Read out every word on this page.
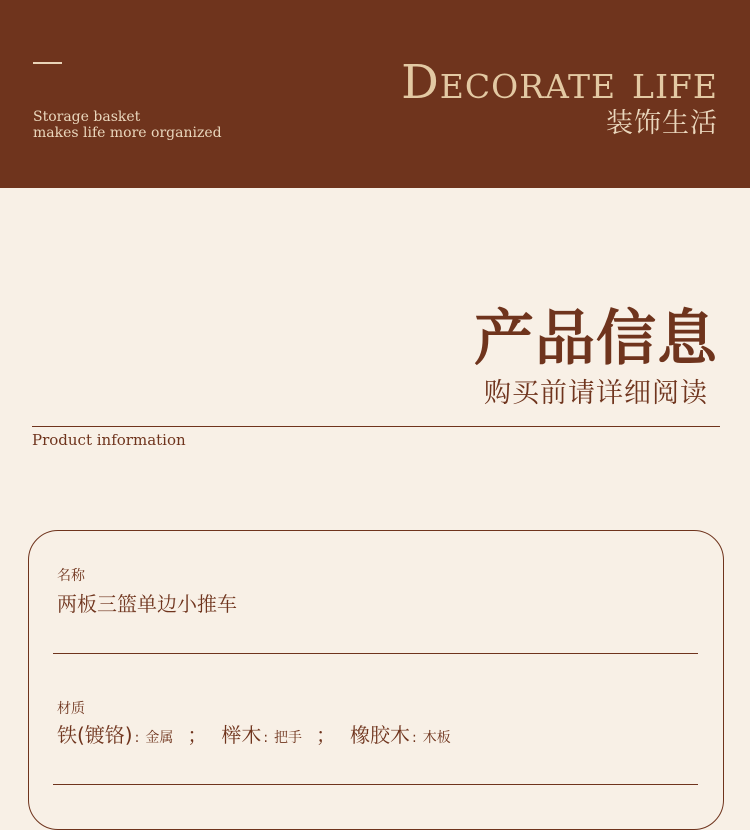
Storage basket
makes life more organized
Decorate life
装饰生活
产品信息
购买前请详细阅读
Product information
名称
两板三篮单边小推车
材质
铁(镀铬) : 金属 ； 榉木 : 把手 ； 橡胶木 : 木板
